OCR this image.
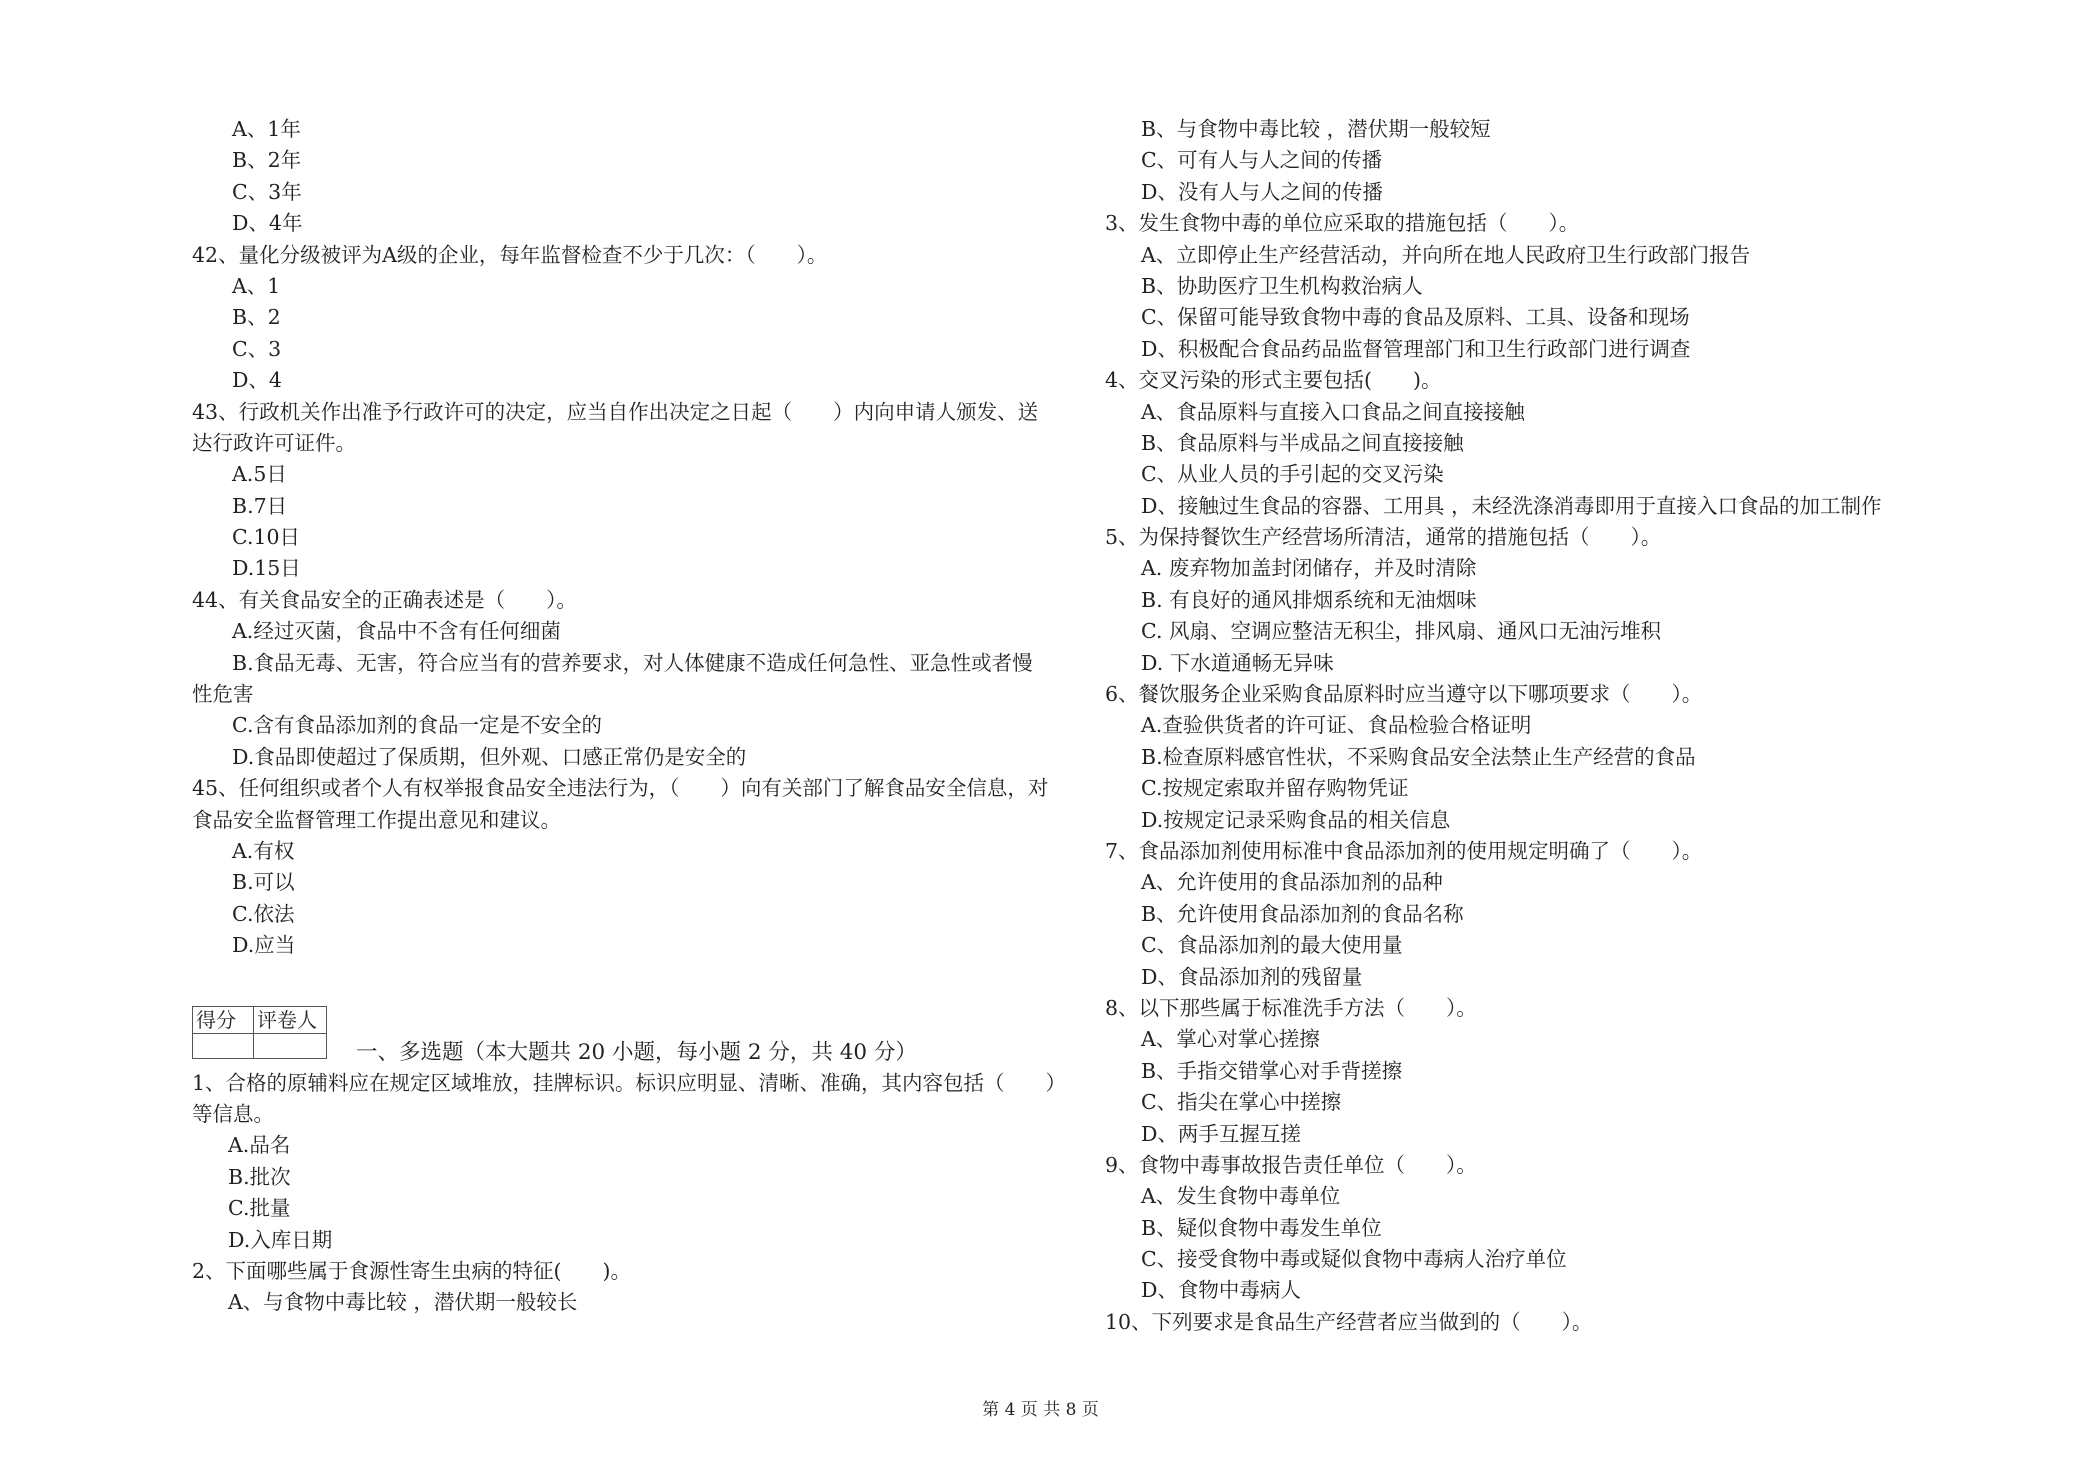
A、1年
B、2年
C、3年
D、4年
42、量化分级被评为A级的企业，每年监督检查不少于几次：（　　）。
A、1
B、2
C、3
D、4
43、行政机关作出准予行政许可的决定，应当自作出决定之日起（　　）内向申请人颁发、送
达行政许可证件。
A.5日
B.7日
C.10日
D.15日
44、有关食品安全的正确表述是（　　）。
A.经过灭菌，食品中不含有任何细菌
B.食品无毒、无害，符合应当有的营养要求，对人体健康不造成任何急性、亚急性或者慢
性危害
C.含有食品添加剂的食品一定是不安全的
D.食品即使超过了保质期，但外观、口感正常仍是安全的
45、任何组织或者个人有权举报食品安全违法行为，（　　）向有关部门了解食品安全信息，对
食品安全监督管理工作提出意见和建议。
A.有权
B.可以
C.依法
D.应当
得分	评卷人

一、多选题（本大题共 20 小题，每小题 2 分，共 40 分）
1、合格的原辅料应在规定区域堆放，挂牌标识。标识应明显、清晰、准确，其内容包括（　　）
等信息。
A.品名
B.批次
C.批量
D.入库日期
2、下面哪些属于食源性寄生虫病的特征(　　)。
A、与食物中毒比较 ，潜伏期一般较长
B、与食物中毒比较 ，潜伏期一般较短
C、可有人与人之间的传播
D、没有人与人之间的传播
3、发生食物中毒的单位应采取的措施包括（　　）。
A、立即停止生产经营活动，并向所在地人民政府卫生行政部门报告
B、协助医疗卫生机构救治病人
C、保留可能导致食物中毒的食品及原料、工具、设备和现场
D、积极配合食品药品监督管理部门和卫生行政部门进行调查
4、交叉污染的形式主要包括(　　)。
A、食品原料与直接入口食品之间直接接触
B、食品原料与半成品之间直接接触
C、从业人员的手引起的交叉污染
D、接触过生食品的容器、工用具 ，未经洗涤消毒即用于直接入口食品的加工制作
5、为保持餐饮生产经营场所清洁，通常的措施包括（　　）。
A. 废弃物加盖封闭储存，并及时清除
B. 有良好的通风排烟系统和无油烟味
C. 风扇、空调应整洁无积尘，排风扇、通风口无油污堆积
D. 下水道通畅无异味
6、餐饮服务企业采购食品原料时应当遵守以下哪项要求（　　）。
A.查验供货者的许可证、食品检验合格证明
B.检查原料感官性状，不采购食品安全法禁止生产经营的食品
C.按规定索取并留存购物凭证
D.按规定记录采购食品的相关信息
7、食品添加剂使用标准中食品添加剂的使用规定明确了（　　）。
A、允许使用的食品添加剂的品种
B、允许使用食品添加剂的食品名称
C、食品添加剂的最大使用量
D、食品添加剂的残留量
8、以下那些属于标准洗手方法（　　）。
A、掌心对掌心搓擦
B、手指交错掌心对手背搓擦
C、指尖在掌心中搓擦
D、两手互握互搓
9、食物中毒事故报告责任单位（　　）。
A、发生食物中毒单位
B、疑似食物中毒发生单位
C、接受食物中毒或疑似食物中毒病人治疗单位
D、食物中毒病人
10、下列要求是食品生产经营者应当做到的（　　）。
第 4 页 共 8 页
